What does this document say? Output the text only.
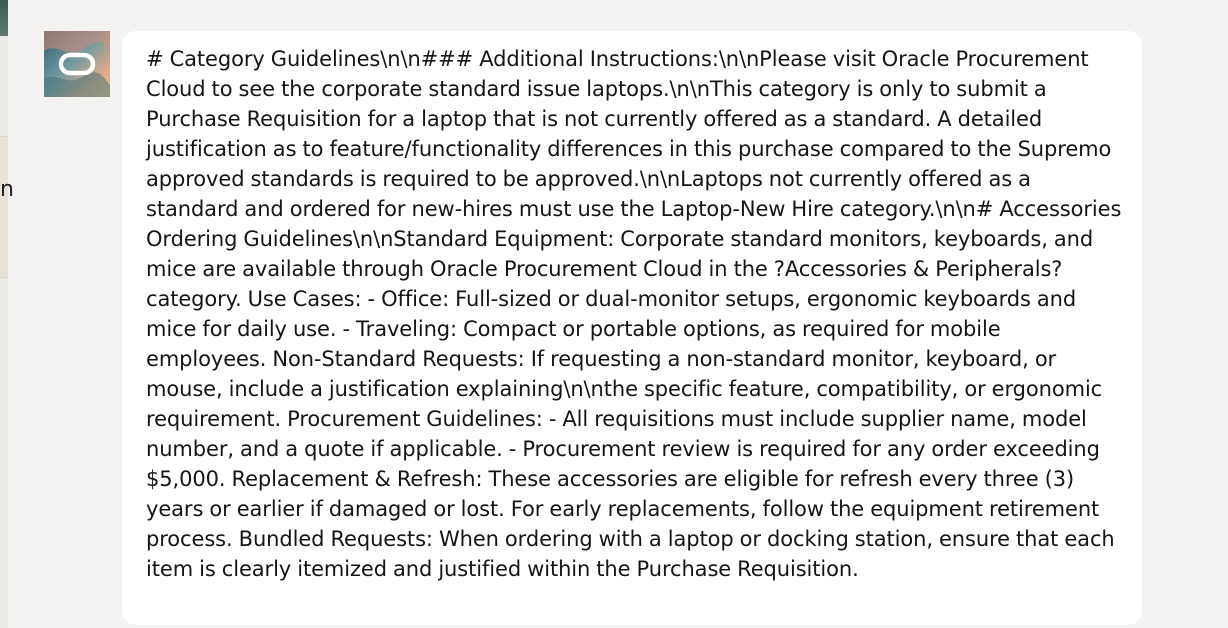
n

# Category Guidelines\n\n### Additional Instructions:\n\nPlease visit Oracle Procurement Cloud to see the corporate standard issue laptops.\n\nThis category is only to submit a Purchase Requisition for a laptop that is not currently offered as a standard. A detailed justification as to feature/functionality differences in this purchase compared to the Supremo approved standards is required to be approved.\n\nLaptops not currently offered as a standard and ordered for new-hires must use the Laptop-New Hire category.\n\n# Accessories Ordering Guidelines\n\nStandard Equipment: Corporate standard monitors, keyboards, and mice are available through Oracle Procurement Cloud in the ?Accessories & Peripherals? category. Use Cases: - Office: Full-sized or dual-monitor setups, ergonomic keyboards and mice for daily use. - Traveling: Compact or portable options, as required for mobile employees. Non-Standard Requests: If requesting a non-standard monitor, keyboard, or mouse, include a justification explaining\n\nthe specific feature, compatibility, or ergonomic requirement. Procurement Guidelines: - All requisitions must include supplier name, model number, and a quote if applicable. - Procurement review is required for any order exceeding $5,000. Replacement & Refresh: These accessories are eligible for refresh every three (3) years or earlier if damaged or lost. For early replacements, follow the equipment retirement process. Bundled Requests: When ordering with a laptop or docking station, ensure that each item is clearly itemized and justified within the Purchase Requisition.
